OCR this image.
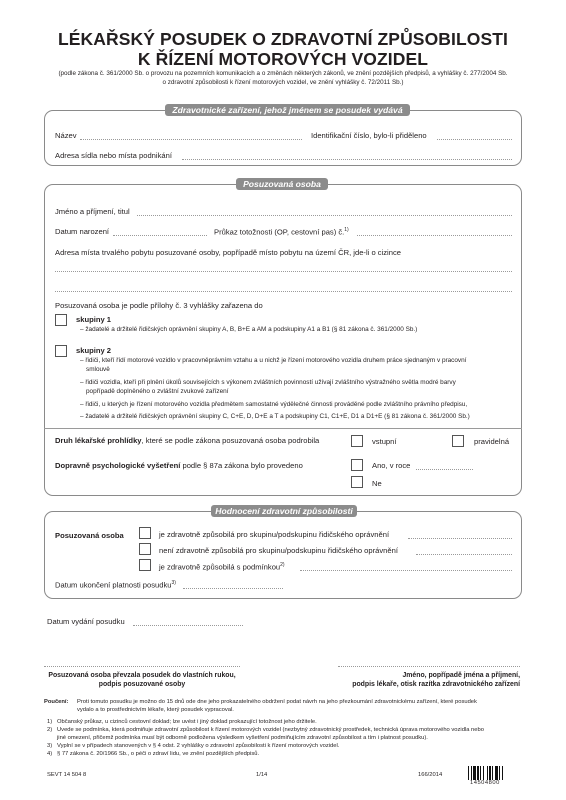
LÉKAŘSKÝ POSUDEK O ZDRAVOTNÍ ZPŮSOBILOSTI
K ŘÍZENÍ MOTOROVÝCH VOZIDEL
(podle zákona č. 361/2000 Sb. o provozu na pozemních komunikacích a o změnách některých zákonů, ve znění pozdějších předpisů, a vyhlášky č. 277/2004 Sb.
o zdravotní způsobilosti k řízení motorových vozidel, ve znění vyhlášky č. 72/2011 Sb.)
Zdravotnické zařízení, jehož jménem se posudek vydává
Název	Identifikační číslo, bylo-li přiděleno
Adresa sídla nebo místa podnikání
Posuzovaná osoba
Jméno a příjmení, titul
Datum narození	Průkaz totožnosti (OP, cestovní pas) č.$^{1)}$
Adresa místa trvalého pobytu posuzované osoby, popřípadě místo pobytu na území ČR, jde-li o cizince
Posuzovaná osoba je podle přílohy č. 3 vyhlášky zařazena do
skupiny 1
– žadatelé a držitelé řidičských oprávnění skupiny A, B, B+E a AM a podskupiny A1 a B1 (§ 81 zákona č. 361/2000 Sb.)
skupiny 2
– řidiči, kteří řídí motorové vozidlo v pracovněprávním vztahu a u nichž je řízení motorového vozidla druhem práce sjednaným v pracovní
smlouvě
– řidiči vozidla, kteří při plnění úkolů souvisejících s výkonem zvláštních povinností užívají zvláštního výstražného světla modré barvy
popřípadě doplněného o zvláštní zvukové zařízení
– řidiči, u kterých je řízení motorového vozidla předmětem samostatné výdělečné činnosti prováděné podle zvláštního právního předpisu,
– žadatelé a držitelé řidičských oprávnění skupiny C, C+E, D, D+E a T a podskupiny C1, C1+E, D1 a D1+E (§ 81 zákona č. 361/2000 Sb.)
Druh lékařské prohlídky, které se podle zákona posuzovaná osoba podrobila	vstupní	pravidelná
Dopravně psychologické vyšetření podle § 87a zákona bylo provedeno	Ano, v roce
Ne
Hodnocení zdravotní způsobilosti
Posuzovaná osoba	je zdravotně způsobilá pro skupinu/podskupinu řidičského oprávnění
není zdravotně způsobilá pro skupinu/podskupinu řidičského oprávnění
je zdravotně způsobilá s podmínkou$^{2)}$
Datum ukončení platnosti posudku$^{3)}$
Datum vydání posudku
Posuzovaná osoba převzala posudek do vlastních rukou,
podpis posuzované osoby
Jméno, popřípadě jména a příjmení,
podpis lékaře, otisk razítka zdravotnického zařízení
Poučení: Proti tomuto posudku je možno do 15 dnů ode dne jeho prokazatelného obdržení podat návrh na jeho přezkoumání zdravotnickému zařízení, které posudek
vydalo a to prostřednictvím lékaře, který posudek vypracoval.
1) Občanský průkaz, u cizinců cestovní doklad; lze uvést i jiný doklad prokazující totožnost jeho držitele.
2) Uvede se podmínka, která podmiňuje zdravotní způsobilost k řízení motorových vozidel (nezbytný zdravotnický prostředek, technická úprava motorového vozidla nebo
jiné omezení, přičemž podmínka musí být odborně podložena výsledkem vyšetření podmiňujícím zdravotní způsobilost a tím i platnost posudku).
3) Vyplní se v případech stanovených v § 4 odst. 2 vyhlášky o zdravotní způsobilosti k řízení motorových vozidel.
4) § 77 zákona č. 20/1966 Sb., o péči o zdraví lidu, ve znění pozdějších předpisů.
SEVT 14 504 8	1/14	166/2014
14504800
